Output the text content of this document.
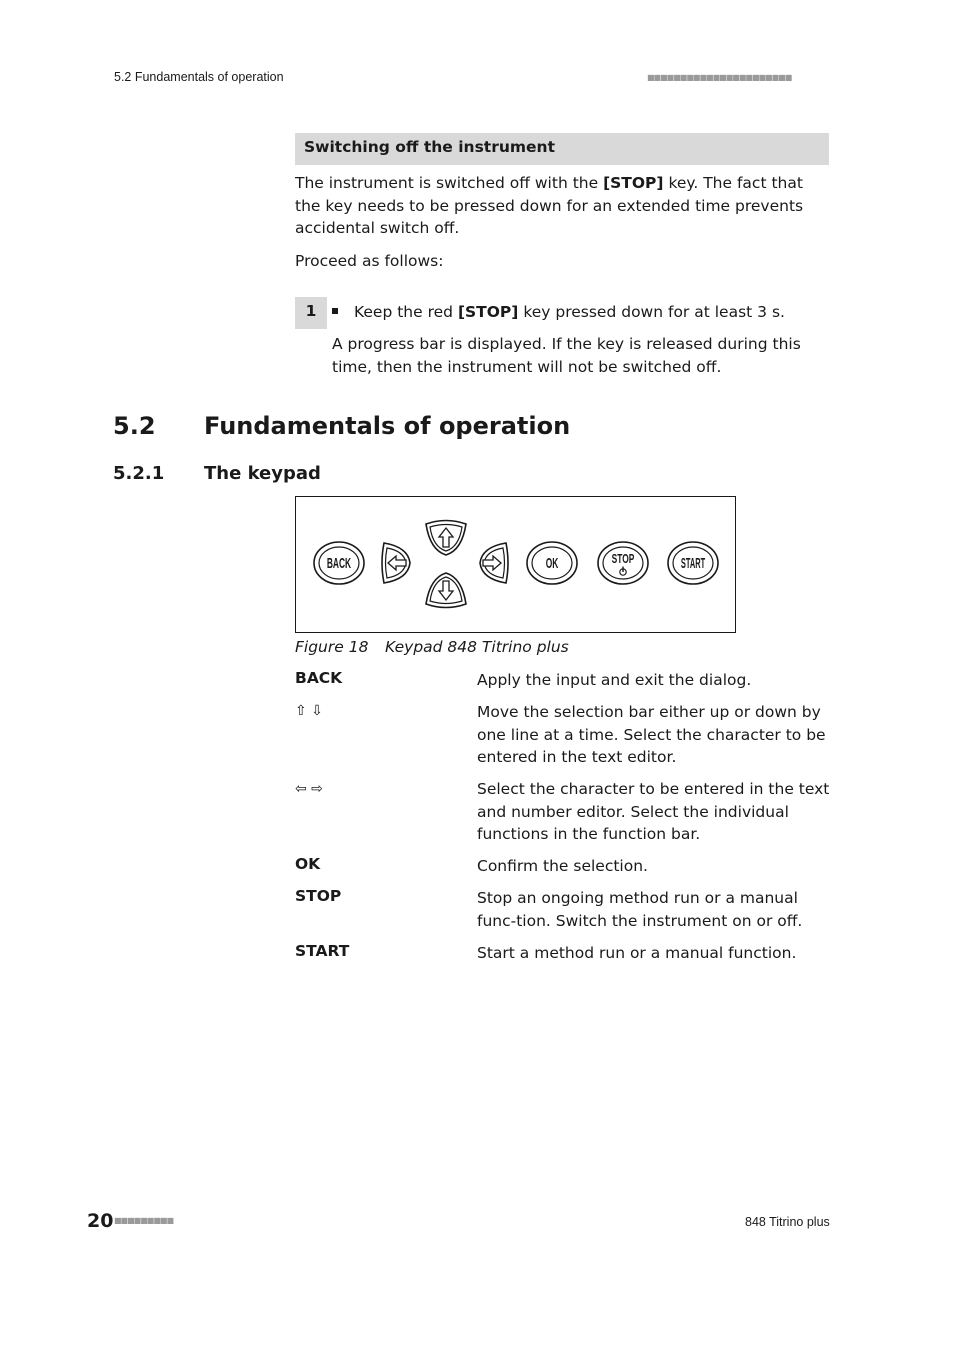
5.2 Fundamentals of operation	■■■■■■■■■■■■■■■■■■■■■■
Switching off the instrument
The instrument is switched off with the [STOP] key. The fact that the key needs to be pressed down for an extended time prevents accidental switch off.
Proceed as follows:
1	Keep the red [STOP] key pressed down for at least 3 s.
A progress bar is displayed. If the key is released during this time, then the instrument will not be switched off.
5.2 Fundamentals of operation
5.2.1 The keypad
BACK	OK	STOP	START
Figure 18 Keypad 848 Titrino plus
BACK	Apply the input and exit the dialog.
⇧ ⇩	Move the selection bar either up or down by one line at a time. Select the character to be entered in the text editor.
⇦ ⇨	Select the character to be entered in the text and number editor. Select the individual functions in the function bar.
OK	Confirm the selection.
STOP	Stop an ongoing method run or a manual func-tion. Switch the instrument on or off.
START	Start a method run or a manual function.
20 ■■■■■■■■■	848 Titrino plus
